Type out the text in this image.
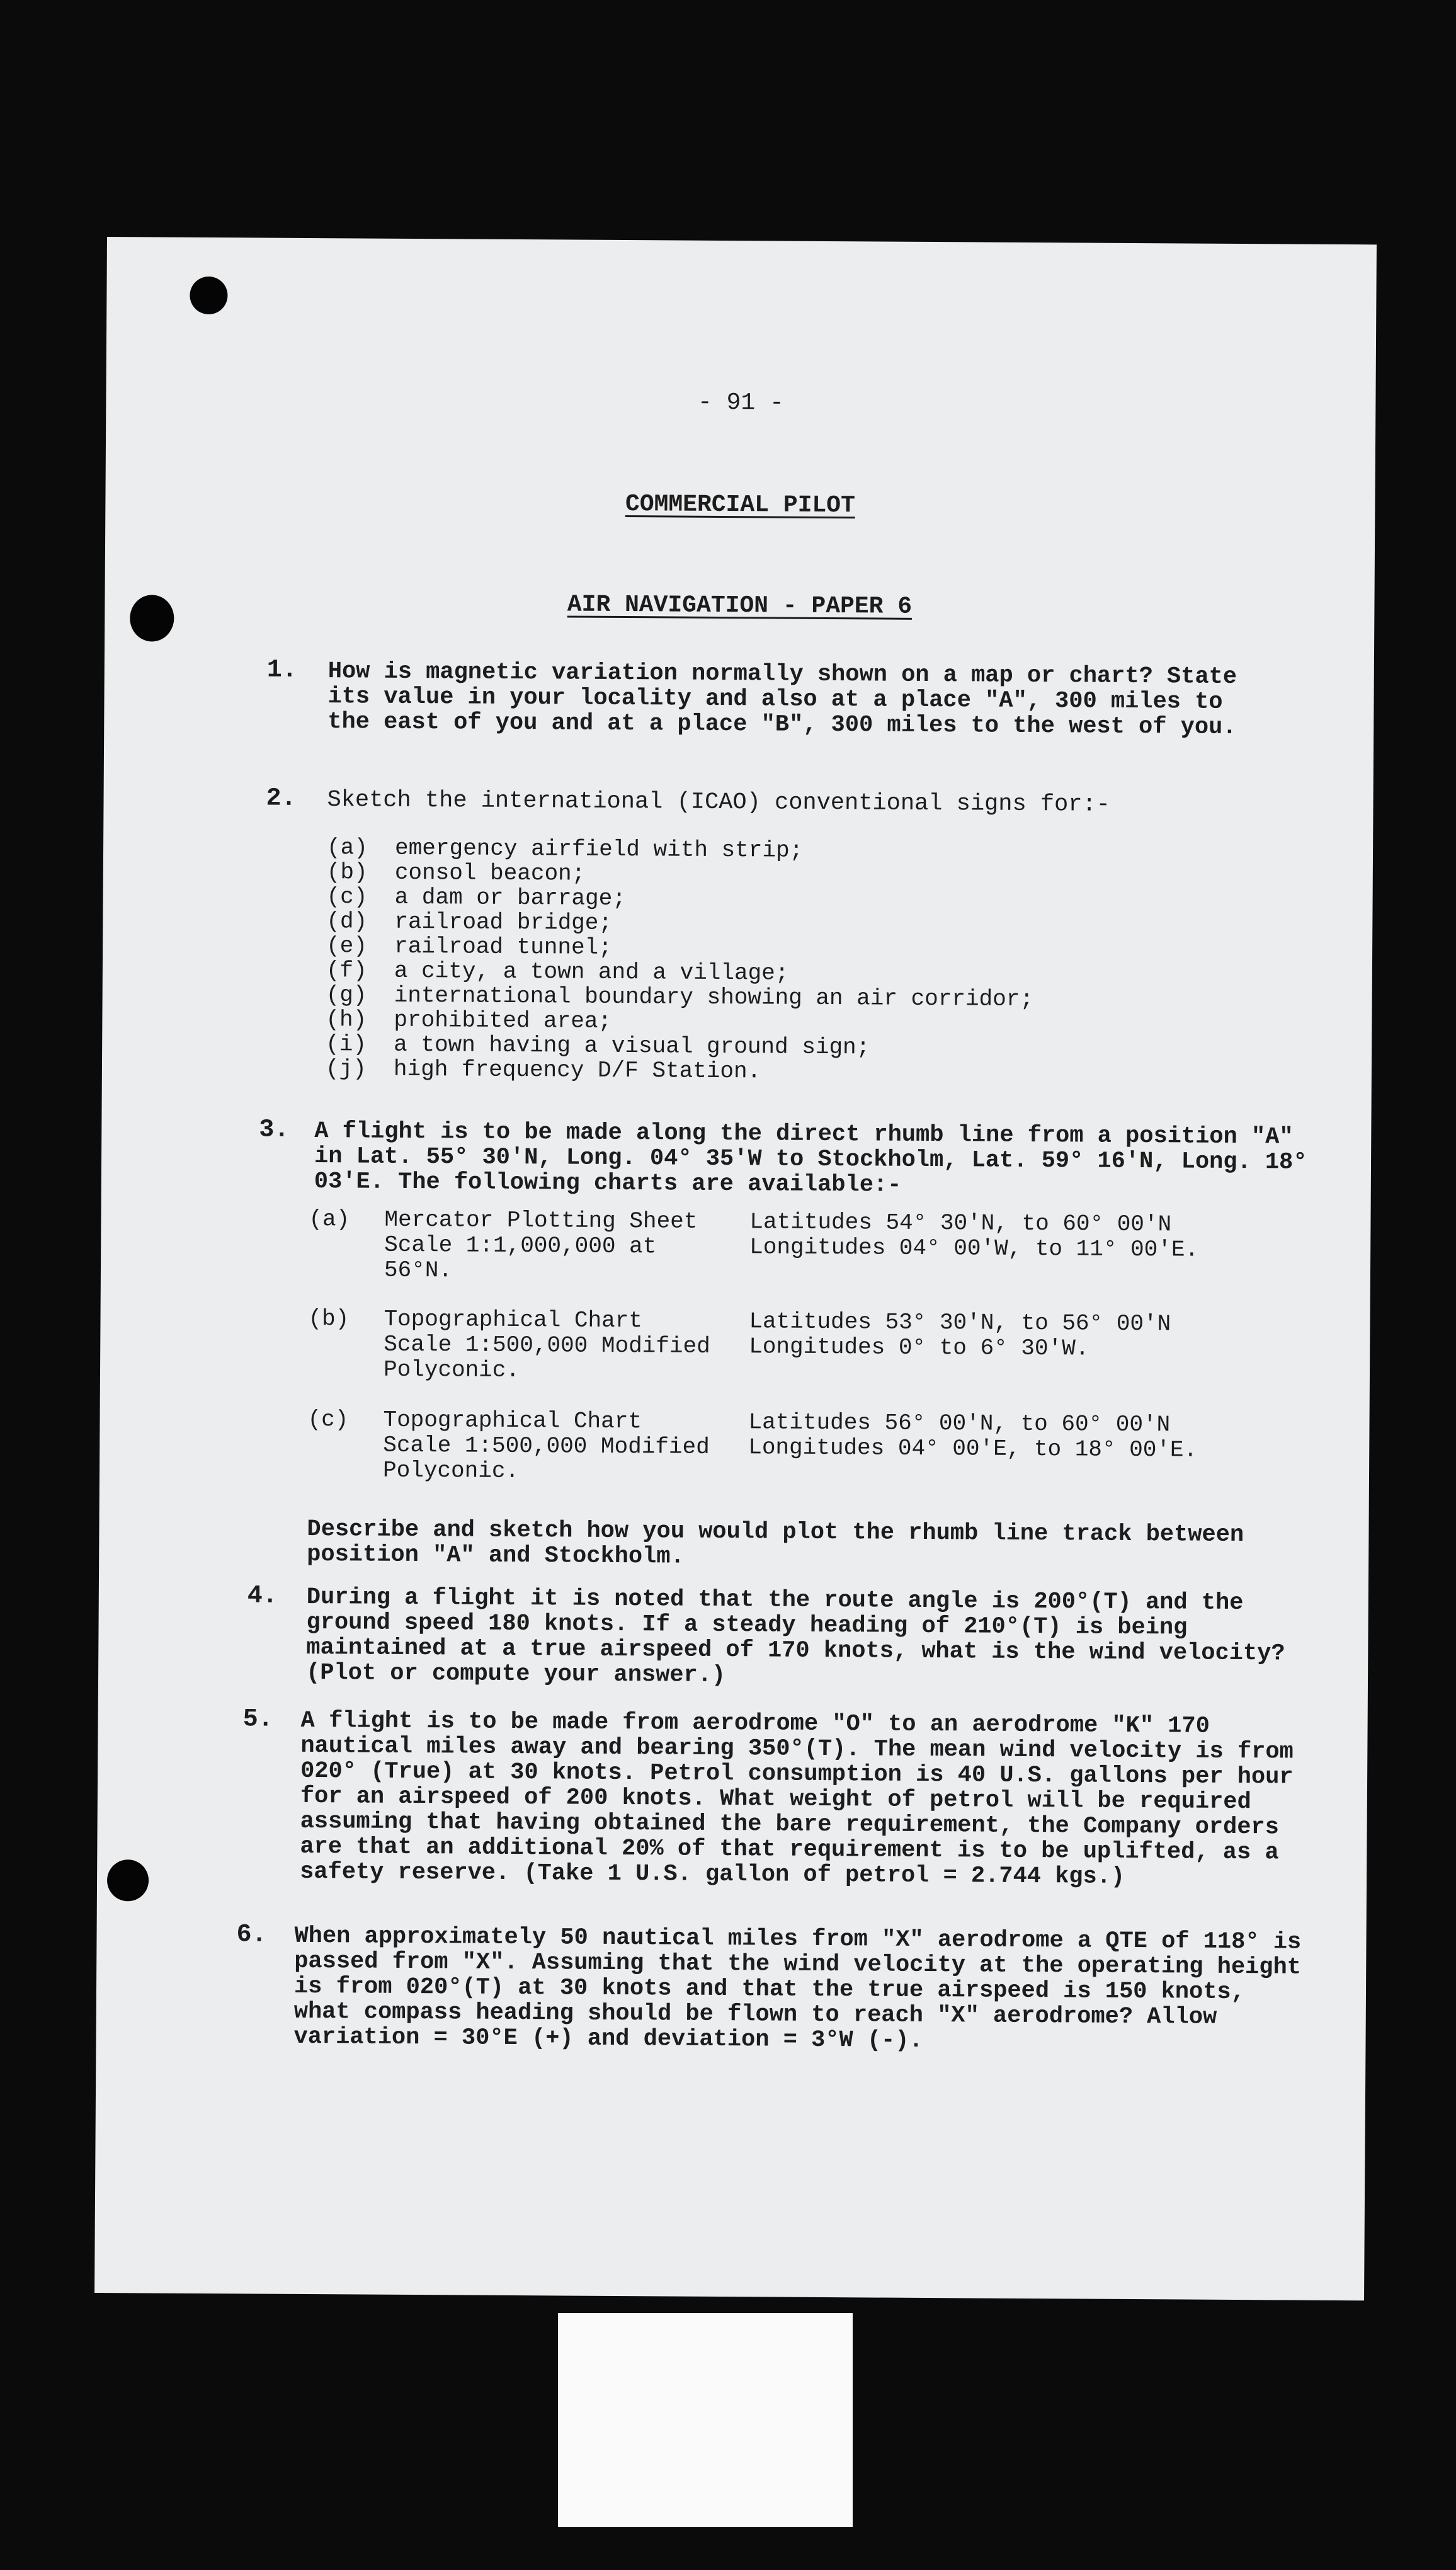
- 91 -
COMMERCIAL PILOT
AIR NAVIGATION - PAPER 6
1. How is magnetic variation normally shown on a map or chart? State its value in your locality and also at a place "A", 300 miles to the east of you and at a place "B", 300 miles to the west of you.
2. Sketch the international (ICAO) conventional signs for:-
(a) emergency airfield with strip;
(b) consol beacon;
(c) a dam or barrage;
(d) railroad bridge;
(e) railroad tunnel;
(f) a city, a town and a village;
(g) international boundary showing an air corridor;
(h) prohibited area;
(i) a town having a visual ground sign;
(j) high frequency D/F Station.
3. A flight is to be made along the direct rhumb line from a position "A" in Lat. 55° 30'N, Long. 04° 35'W to Stockholm, Lat. 59° 16'N, Long. 18° 03'E. The following charts are available:-
(a) Mercator Plotting Sheet Scale 1:1,000,000 at 56°N.
Latitudes 54° 30'N, to 60° 00'N
Longitudes 04° 00'W, to 11° 00'E.
(b) Topographical Chart Scale 1:500,000 Modified Polyconic.
Latitudes 53° 30'N, to 56° 00'N
Longitudes 0° to 6° 30'W.
(c) Topographical Chart Scale 1:500,000 Modified Polyconic.
Latitudes 56° 00'N, to 60° 00'N
Longitudes 04° 00'E, to 18° 00'E.
Describe and sketch how you would plot the rhumb line track between position "A" and Stockholm.
4. During a flight it is noted that the route angle is 200°(T) and the ground speed 180 knots. If a steady heading of 210°(T) is being maintained at a true airspeed of 170 knots, what is the wind velocity? (Plot or compute your answer.)
5. A flight is to be made from aerodrome "O" to an aerodrome "K" 170 nautical miles away and bearing 350°(T). The mean wind velocity is from 020° (True) at 30 knots. Petrol consumption is 40 U.S. gallons per hour for an airspeed of 200 knots. What weight of petrol will be required assuming that having obtained the bare requirement, the Company orders are that an additional 20% of that requirement is to be uplifted, as a safety reserve. (Take 1 U.S. gallon of petrol = 2.744 kgs.)
6. When approximately 50 nautical miles from "X" aerodrome a QTE of 118° is passed from "X". Assuming that the wind velocity at the operating height is from 020°(T) at 30 knots and that the true airspeed is 150 knots, what compass heading should be flown to reach "X" aerodrome? Allow variation = 30°E (+) and deviation = 3°W (-).
